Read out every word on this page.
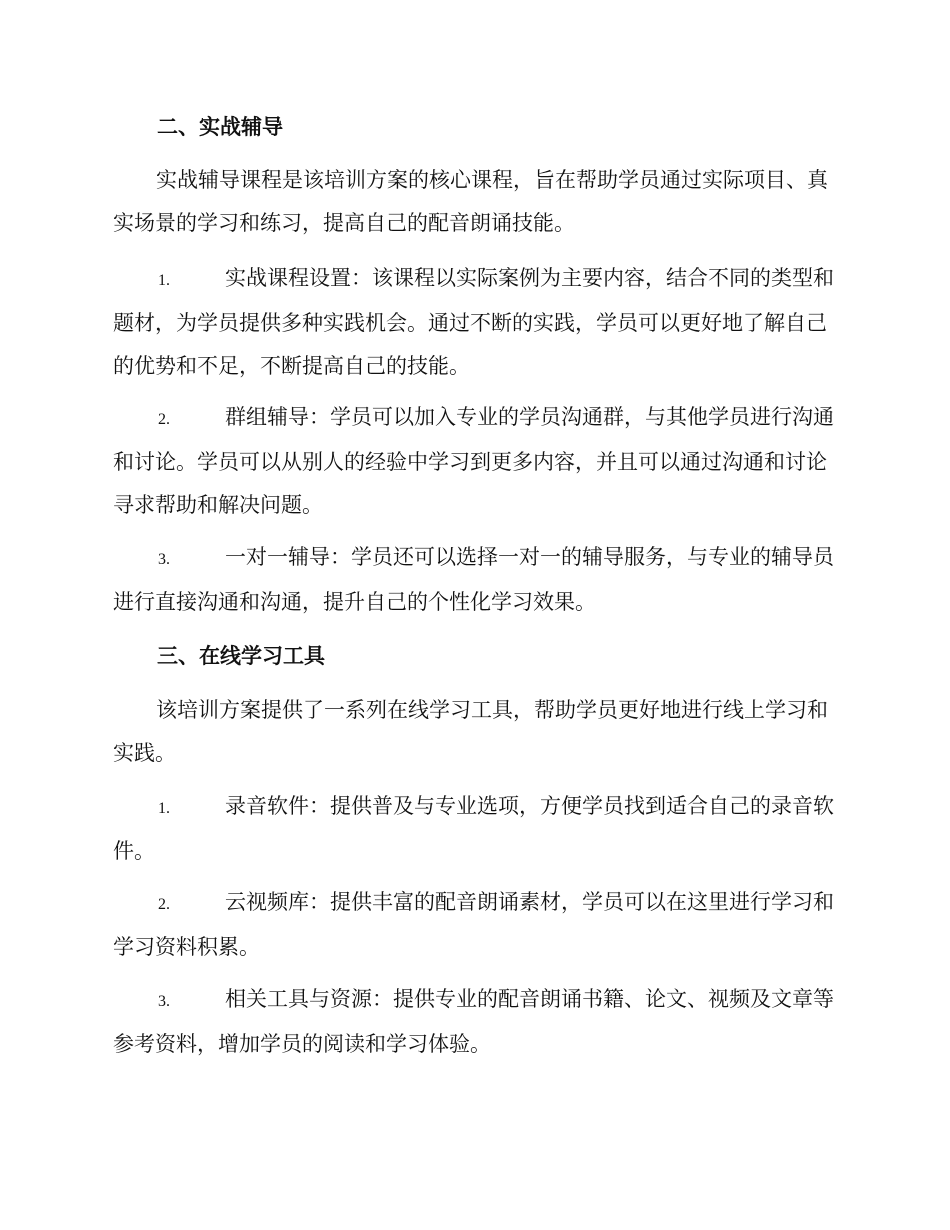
二、实战辅导

实战辅导课程是该培训方案的核心课程，旨在帮助学员通过实际项目、真实场景的学习和练习，提高自己的配音朗诵技能。

1.	实战课程设置：该课程以实际案例为主要内容，结合不同的类型和题材，为学员提供多种实践机会。通过不断的实践，学员可以更好地了解自己的优势和不足，不断提高自己的技能。

2.	群组辅导：学员可以加入专业的学员沟通群，与其他学员进行沟通和讨论。学员可以从别人的经验中学习到更多内容，并且可以通过沟通和讨论寻求帮助和解决问题。

3.	一对一辅导：学员还可以选择一对一的辅导服务，与专业的辅导员进行直接沟通和沟通，提升自己的个性化学习效果。

三、在线学习工具

该培训方案提供了一系列在线学习工具，帮助学员更好地进行线上学习和实践。

1.	录音软件：提供普及与专业选项，方便学员找到适合自己的录音软件。

2.	云视频库：提供丰富的配音朗诵素材，学员可以在这里进行学习和学习资料积累。

3.	相关工具与资源：提供专业的配音朗诵书籍、论文、视频及文章等参考资料，增加学员的阅读和学习体验。
